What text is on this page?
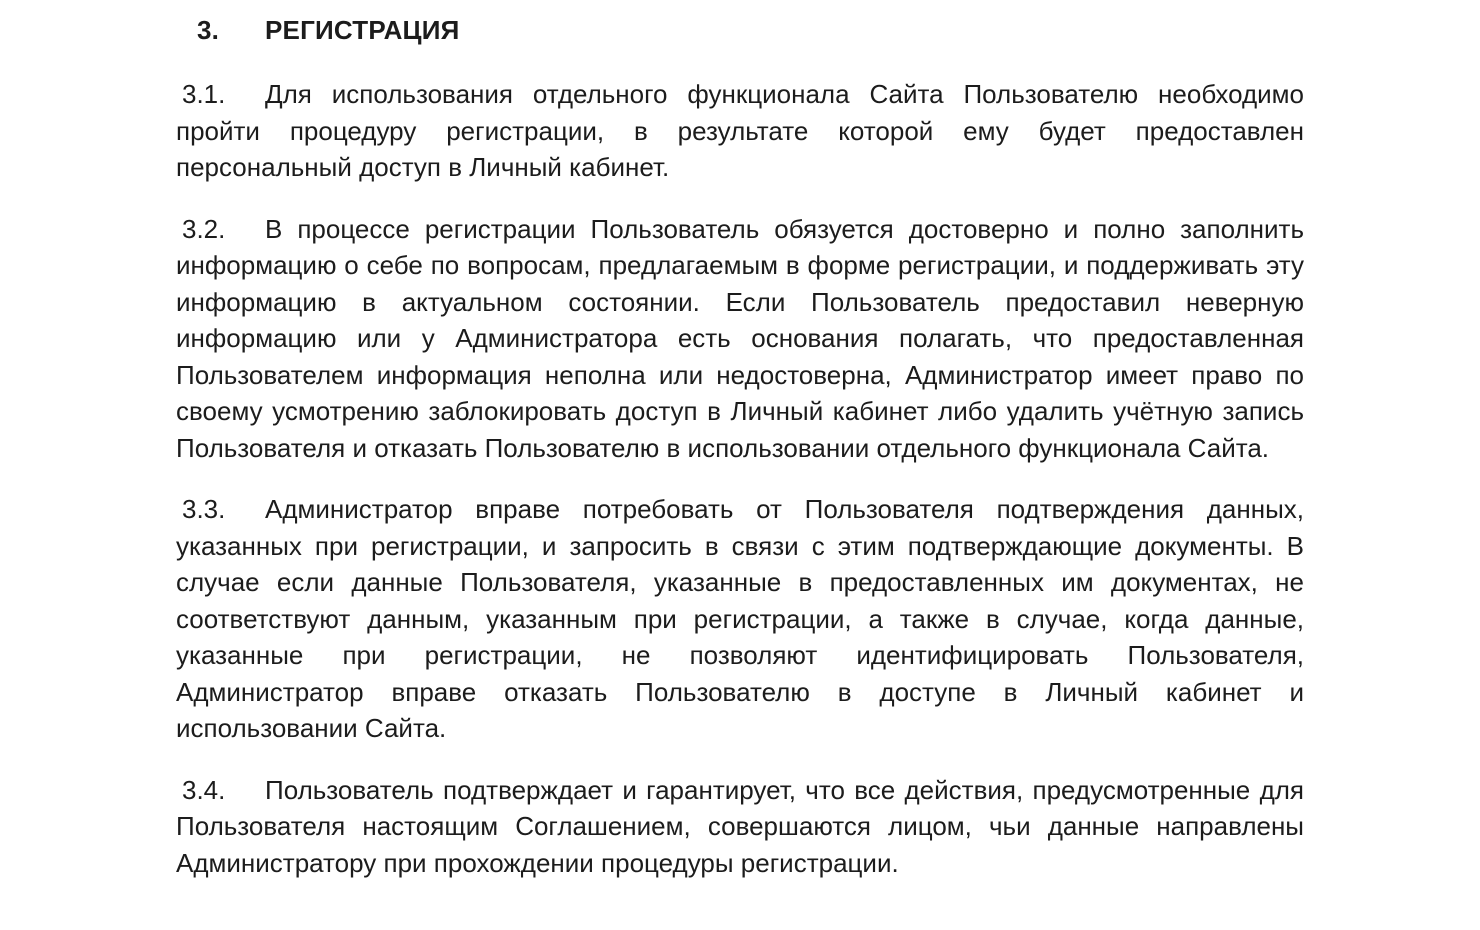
3. РЕГИСТРАЦИЯ

3.1. Для использования отдельного функционала Сайта Пользователю необходимо пройти процедуру регистрации, в результате которой ему будет предоставлен персональный доступ в Личный кабинет.

3.2. В процессе регистрации Пользователь обязуется достоверно и полно заполнить информацию о себе по вопросам, предлагаемым в форме регистрации, и поддерживать эту информацию в актуальном состоянии. Если Пользователь предоставил неверную информацию или у Администратора есть основания полагать, что предоставленная Пользователем информация неполна или недостоверна, Администратор имеет право по своему усмотрению заблокировать доступ в Личный кабинет либо удалить учётную запись Пользователя и отказать Пользователю в использовании отдельного функционала Сайта.

3.3. Администратор вправе потребовать от Пользователя подтверждения данных, указанных при регистрации, и запросить в связи с этим подтверждающие документы. В случае если данные Пользователя, указанные в предоставленных им документах, не соответствуют данным, указанным при регистрации, а также в случае, когда данные, указанные при регистрации, не позволяют идентифицировать Пользователя, Администратор вправе отказать Пользователю в доступе в Личный кабинет и использовании Сайта.

3.4. Пользователь подтверждает и гарантирует, что все действия, предусмотренные для Пользователя настоящим Соглашением, совершаются лицом, чьи данные направлены Администратору при прохождении процедуры регистрации.
